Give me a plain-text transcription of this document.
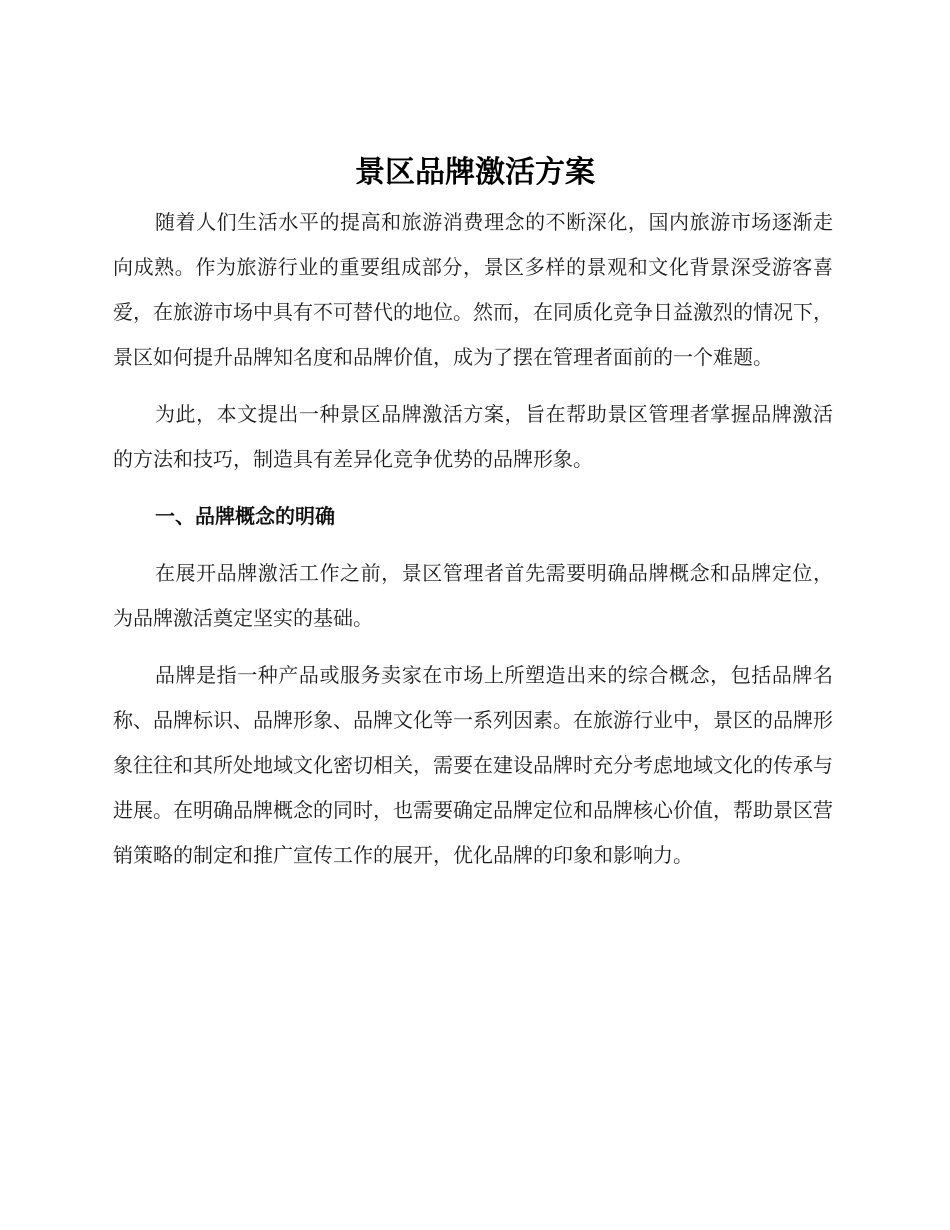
景区品牌激活方案

随着人们生活水平的提高和旅游消费理念的不断深化，国内旅游市场逐渐走向成熟。作为旅游行业的重要组成部分，景区多样的景观和文化背景深受游客喜爱，在旅游市场中具有不可替代的地位。然而，在同质化竞争日益激烈的情况下，景区如何提升品牌知名度和品牌价值，成为了摆在管理者面前的一个难题。

为此，本文提出一种景区品牌激活方案，旨在帮助景区管理者掌握品牌激活的方法和技巧，制造具有差异化竞争优势的品牌形象。

一、品牌概念的明确

在展开品牌激活工作之前，景区管理者首先需要明确品牌概念和品牌定位，为品牌激活奠定坚实的基础。

品牌是指一种产品或服务卖家在市场上所塑造出来的综合概念，包括品牌名称、品牌标识、品牌形象、品牌文化等一系列因素。在旅游行业中，景区的品牌形象往往和其所处地域文化密切相关，需要在建设品牌时充分考虑地域文化的传承与进展。在明确品牌概念的同时，也需要确定品牌定位和品牌核心价值，帮助景区营销策略的制定和推广宣传工作的展开，优化品牌的印象和影响力。
